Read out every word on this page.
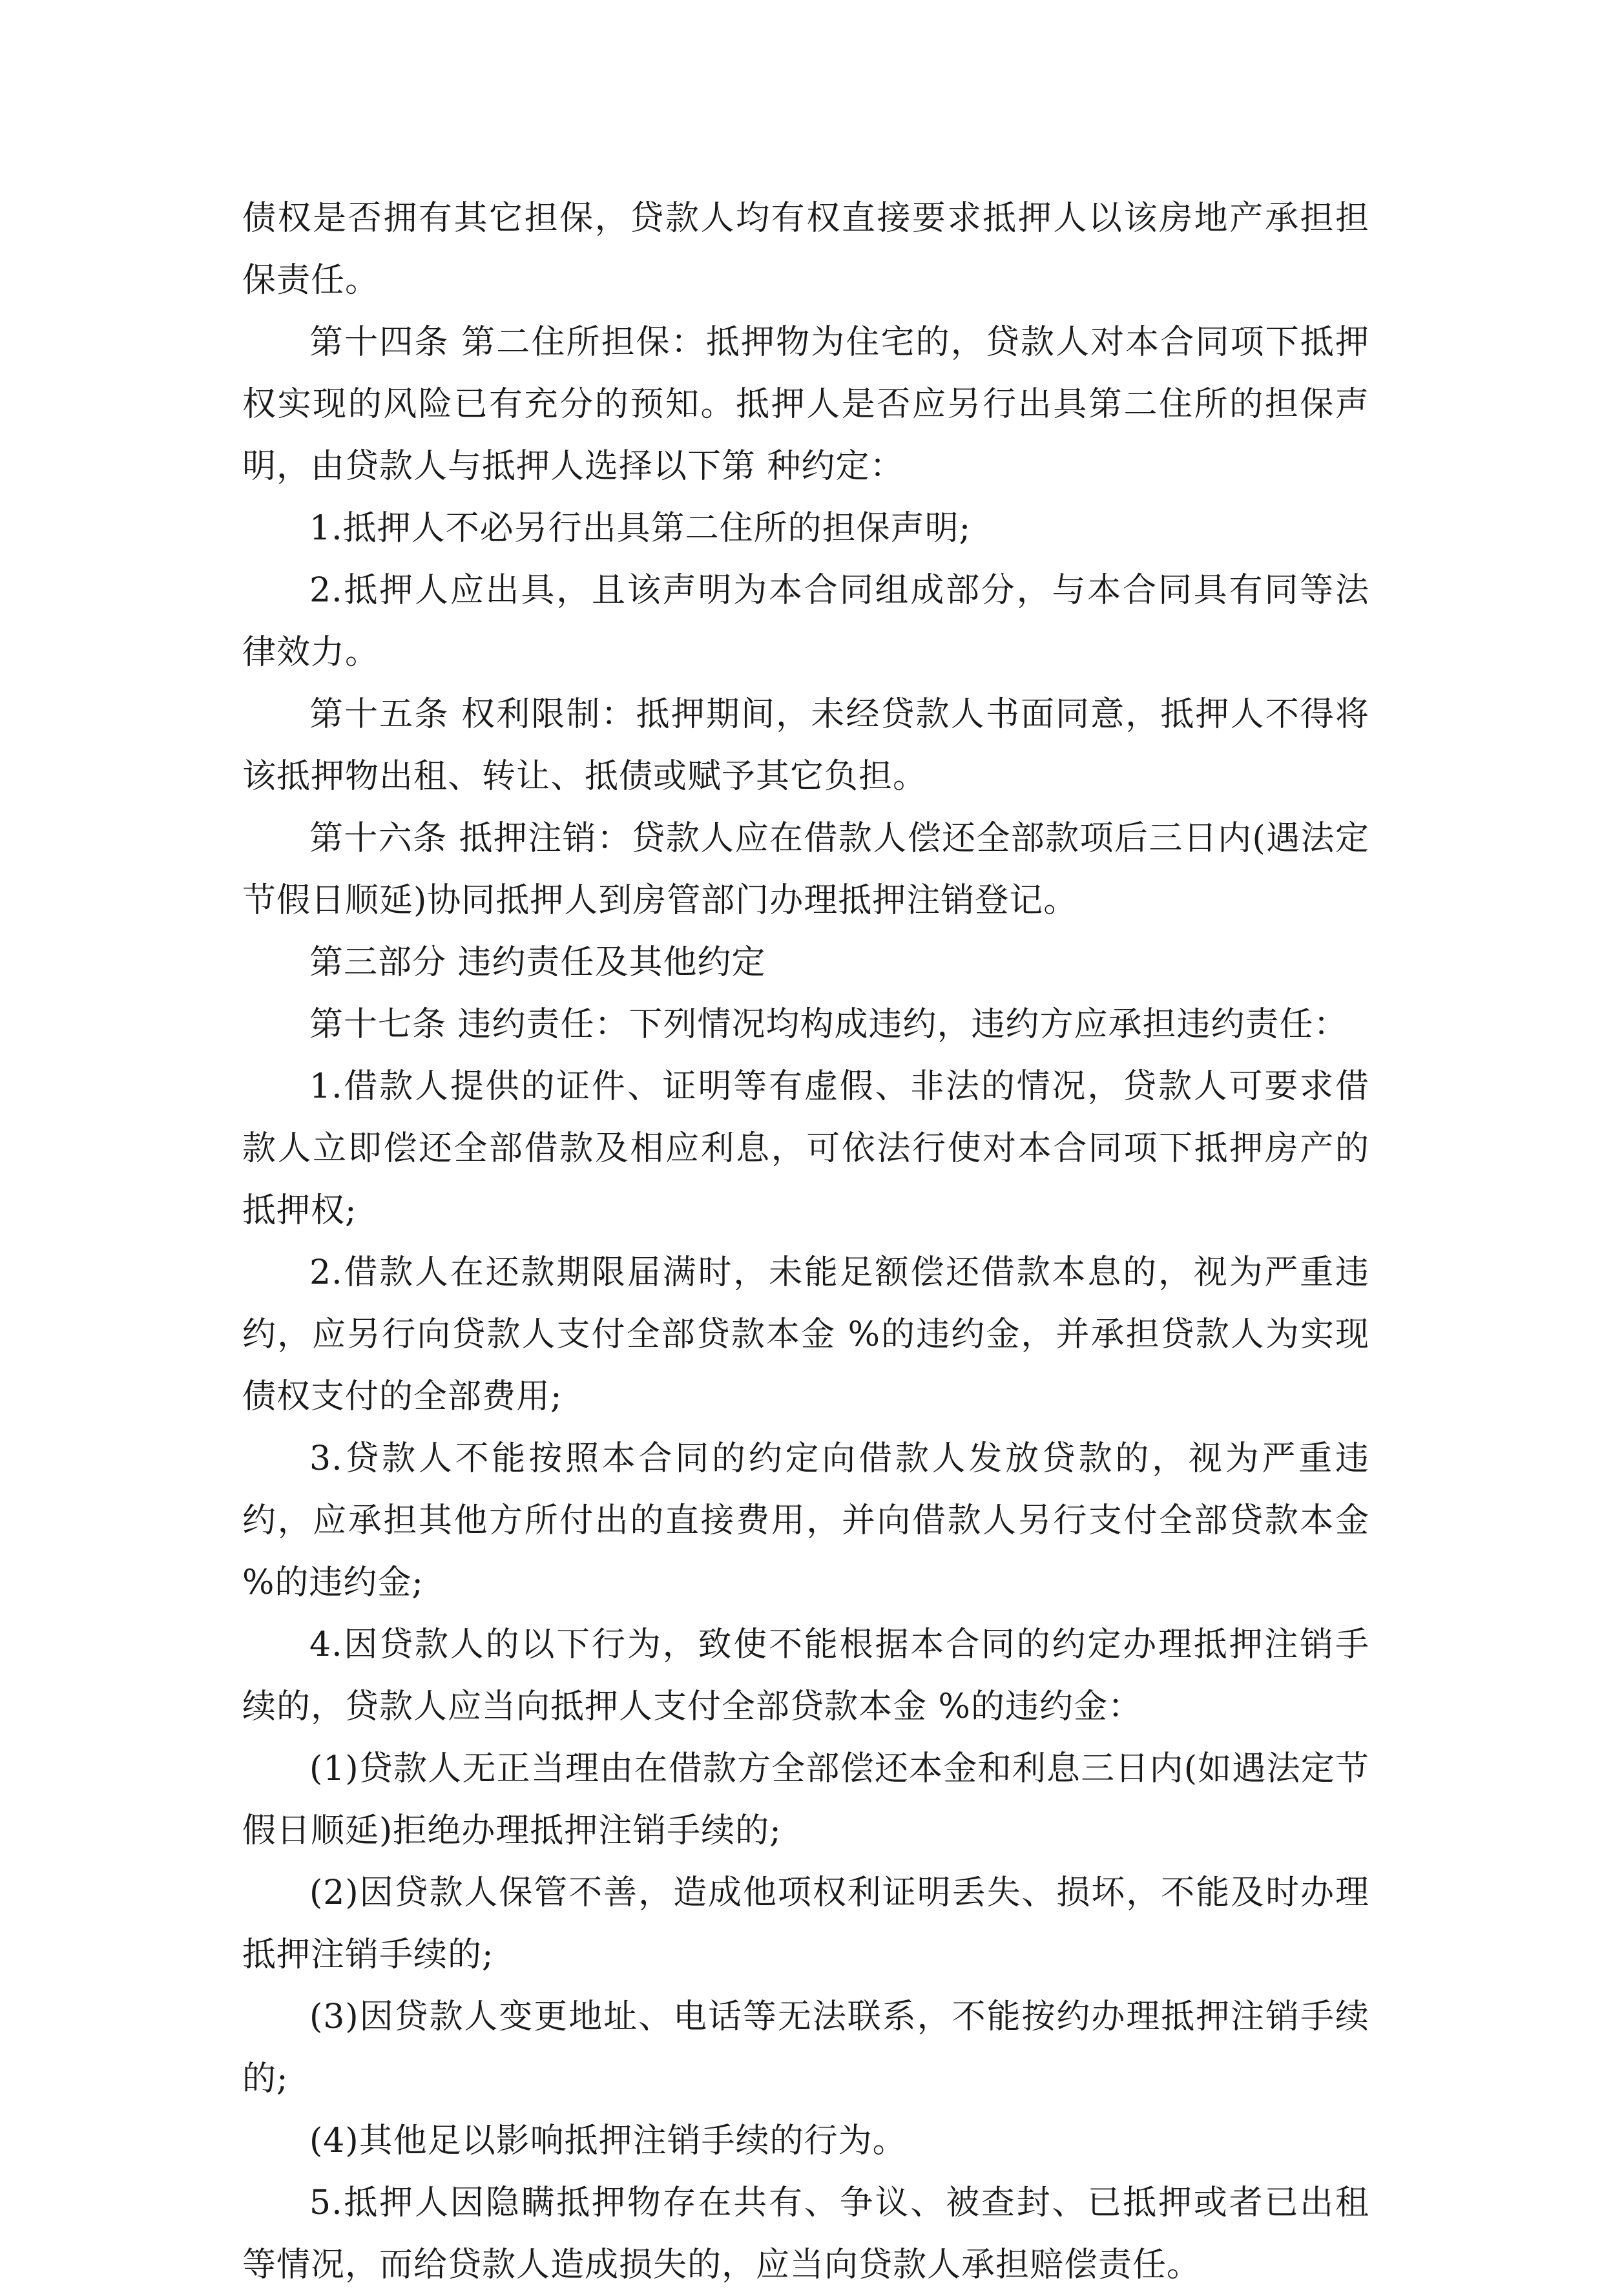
债权是否拥有其它担保，贷款人均有权直接要求抵押人以该房地产承担担保责任。

第十四条 第二住所担保：抵押物为住宅的，贷款人对本合同项下抵押权实现的风险已有充分的预知。抵押人是否应另行出具第二住所的担保声明，由贷款人与抵押人选择以下第 种约定：

1.抵押人不必另行出具第二住所的担保声明;

2.抵押人应出具，且该声明为本合同组成部分，与本合同具有同等法律效力。

第十五条 权利限制：抵押期间，未经贷款人书面同意，抵押人不得将该抵押物出租、转让、抵债或赋予其它负担。

第十六条 抵押注销：贷款人应在借款人偿还全部款项后三日内(遇法定节假日顺延)协同抵押人到房管部门办理抵押注销登记。

第三部分 违约责任及其他约定

第十七条 违约责任：下列情况均构成违约，违约方应承担违约责任：

1.借款人提供的证件、证明等有虚假、非法的情况，贷款人可要求借款人立即偿还全部借款及相应利息，可依法行使对本合同项下抵押房产的抵押权;

2.借款人在还款期限届满时，未能足额偿还借款本息的，视为严重违约，应另行向贷款人支付全部贷款本金 %的违约金，并承担贷款人为实现债权支付的全部费用;

3.贷款人不能按照本合同的约定向借款人发放贷款的，视为严重违约，应承担其他方所付出的直接费用，并向借款人另行支付全部贷款本金 %的违约金;

4.因贷款人的以下行为，致使不能根据本合同的约定办理抵押注销手续的，贷款人应当向抵押人支付全部贷款本金 %的违约金：

(1)贷款人无正当理由在借款方全部偿还本金和利息三日内(如遇法定节假日顺延)拒绝办理抵押注销手续的;

(2)因贷款人保管不善，造成他项权利证明丢失、损坏，不能及时办理抵押注销手续的;

(3)因贷款人变更地址、电话等无法联系，不能按约办理抵押注销手续的;

(4)其他足以影响抵押注销手续的行为。

5.抵押人因隐瞒抵押物存在共有、争议、被查封、已抵押或者已出租等情况，而给贷款人造成损失的，应当向贷款人承担赔偿责任。
